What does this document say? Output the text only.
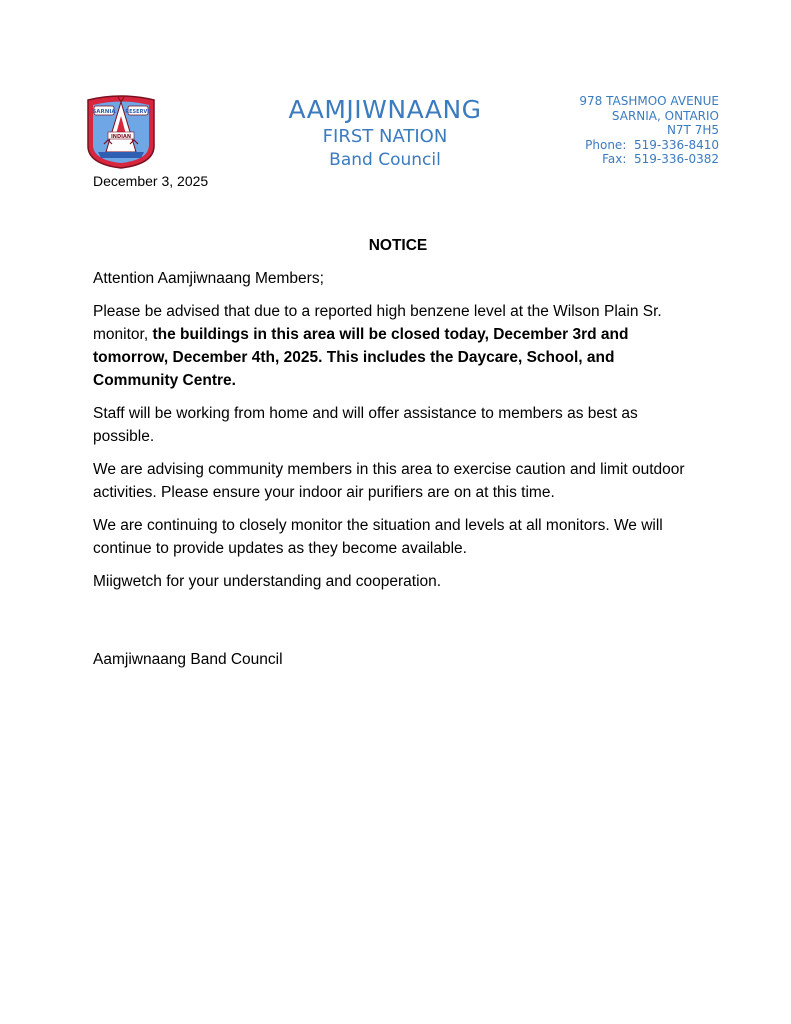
SARNIA RESERVE
INDIAN
AAMJIWNAANG
FIRST NATION
Band Council
978 TASHMOO AVENUE
SARNIA, ONTARIO
N7T 7H5
Phone:  519-336-8410
Fax:  519-336-0382
December 3, 2025
NOTICE

Attention Aamjiwnaang Members;

Please be advised that due to a reported high benzene level at the Wilson Plain Sr. monitor, the buildings in this area will be closed today, December 3rd and tomorrow, December 4th, 2025. This includes the Daycare, School, and Community Centre.

Staff will be working from home and will offer assistance to members as best as possible.

We are advising community members in this area to exercise caution and limit outdoor activities. Please ensure your indoor air purifiers are on at this time.

We are continuing to closely monitor the situation and levels at all monitors. We will continue to provide updates as they become available.

Miigwetch for your understanding and cooperation.

Aamjiwnaang Band Council
